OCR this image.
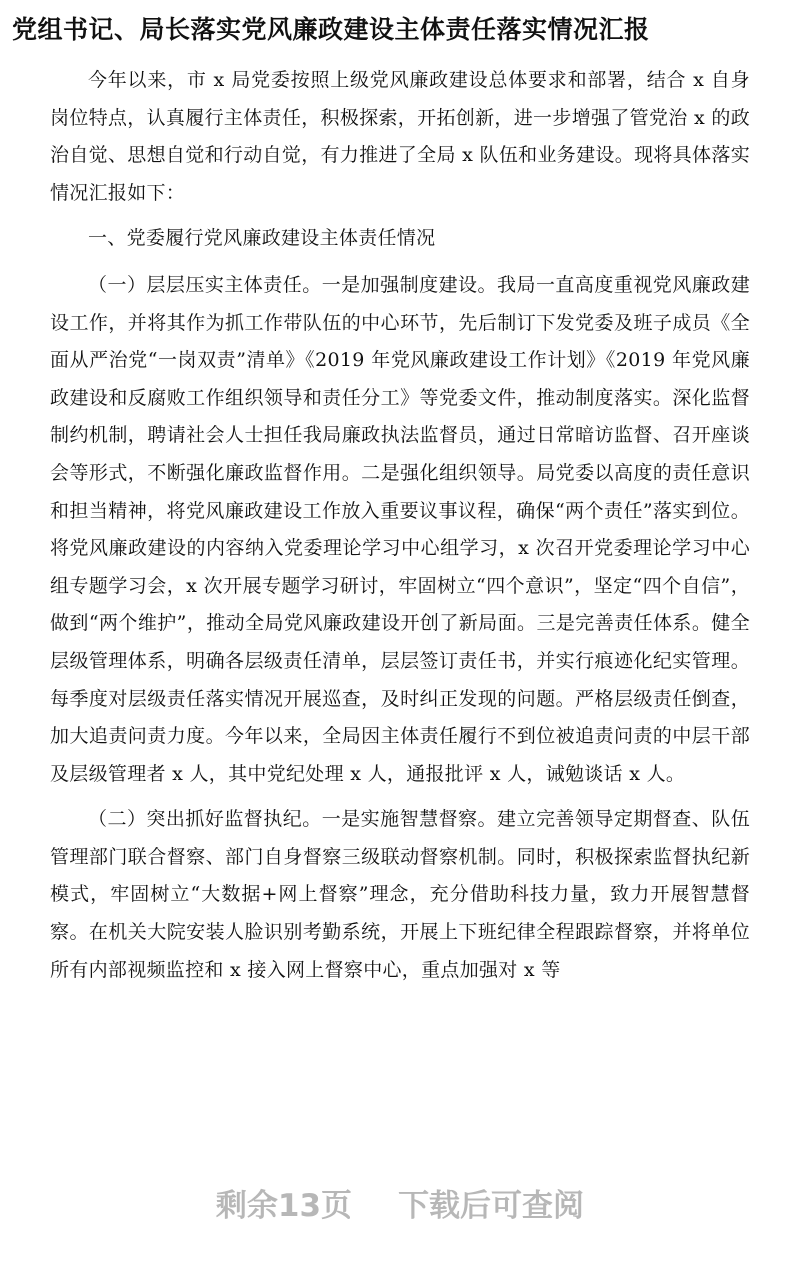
党组书记、局长落实党风廉政建设主体责任落实情况汇报

今年以来，市 x 局党委按照上级党风廉政建设总体要求和部署，结合 x 自身岗位特点，认真履行主体责任，积极探索，开拓创新，进一步增强了管党治 x 的政治自觉、思想自觉和行动自觉，有力推进了全局 x 队伍和业务建设。现将具体落实情况汇报如下：

一、党委履行党风廉政建设主体责任情况

（一）层层压实主体责任。一是加强制度建设。我局一直高度重视党风廉政建设工作，并将其作为抓工作带队伍的中心环节，先后制订下发党委及班子成员《全面从严治党“一岗双责”清单》《2019 年党风廉政建设工作计划》《2019 年党风廉政建设和反腐败工作组织领导和责任分工》等党委文件，推动制度落实。深化监督制约机制，聘请社会人士担任我局廉政执法监督员，通过日常暗访监督、召开座谈会等形式，不断强化廉政监督作用。二是强化组织领导。局党委以高度的责任意识和担当精神，将党风廉政建设工作放入重要议事议程，确保“两个责任”落实到位。将党风廉政建设的内容纳入党委理论学习中心组学习，x 次召开党委理论学习中心组专题学习会，x 次开展专题学习研讨，牢固树立“四个意识”，坚定“四个自信”，做到“两个维护”，推动全局党风廉政建设开创了新局面。三是完善责任体系。健全层级管理体系，明确各层级责任清单，层层签订责任书，并实行痕迹化纪实管理。每季度对层级责任落实情况开展巡查，及时纠正发现的问题。严格层级责任倒查，加大追责问责力度。今年以来，全局因主体责任履行不到位被追责问责的中层干部及层级管理者 x 人，其中党纪处理 x 人，通报批评 x 人，诫勉谈话 x 人。

（二）突出抓好监督执纪。一是实施智慧督察。建立完善领导定期督查、队伍管理部门联合督察、部门自身督察三级联动督察机制。同时，积极探索监督执纪新模式，牢固树立“大数据+网上督察”理念，充分借助科技力量，致力开展智慧督察。在机关大院安装人脸识别考勤系统，开展上下班纪律全程跟踪督察，并将单位所有内部视频监控和 x 接入网上督察中心，重点加强对 x 等

剩余13页 下载后可查阅
